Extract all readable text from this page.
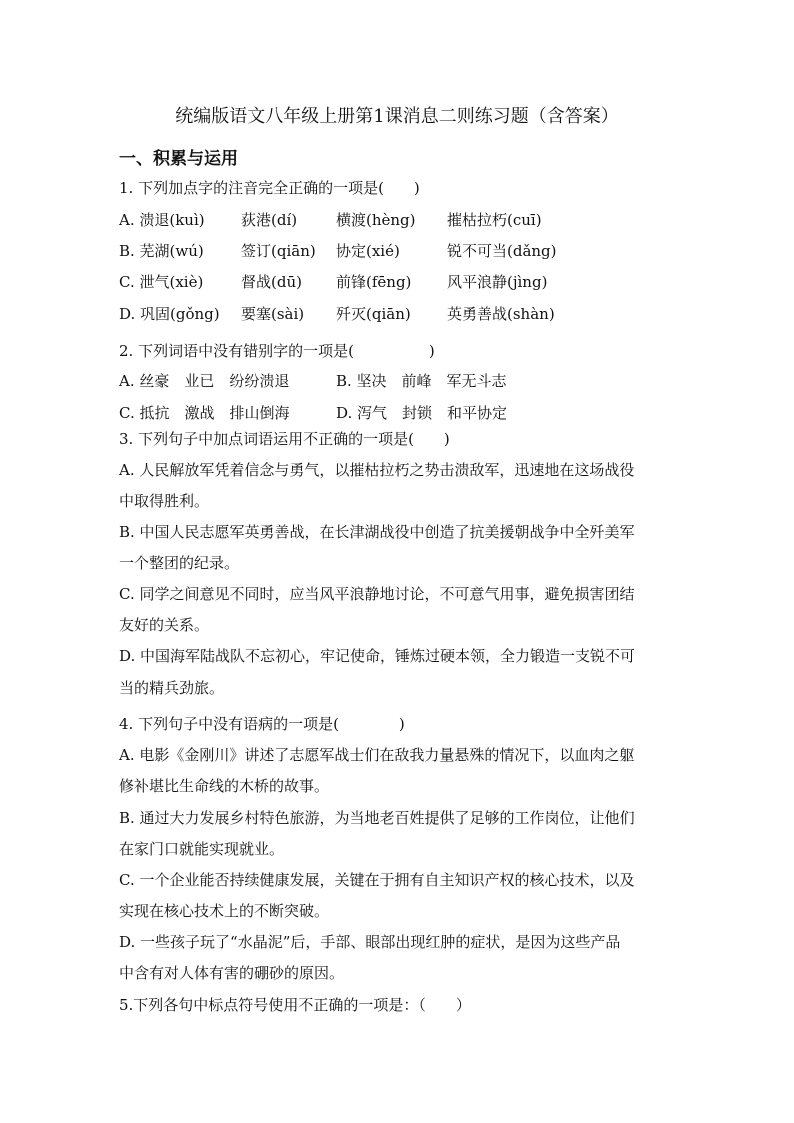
统编版语文八年级上册第1课消息二则练习题（含答案）
一、积累与运用
1. 下列加点字的注音完全正确的一项是(　　)
A. 溃退(kuì) 荻港(dí)	横渡(hèng) 摧枯拉朽(cuī)
B. 芜湖(wú) 签订(qiān) 协定(xié)	锐不可当(dǎng)
C. 泄气(xiè)	督战(dū) 前锋(fēng) 风平浪静(jìng)
D. 巩固(gǒng) 要塞(sài) 歼灭(qiān) 英勇善战(shàn)
2. 下列词语中没有错别字的一项是(　　　　　)
A. 丝豪　业已　纷纷溃退	B. 坚决　前峰　军无斗志
C. 抵抗　激战　排山倒海	D. 泻气　封锁　和平协定
3. 下列句子中加点词语运用不正确的一项是(　　)
A. 人民解放军凭着信念与勇气，以摧枯拉朽之势击溃敌军，迅速地在这场战役
中取得胜利。
B. 中国人民志愿军英勇善战，在长津湖战役中创造了抗美援朝战争中全歼美军
一个整团的纪录。
C. 同学之间意见不同时，应当风平浪静地讨论，不可意气用事，避免损害团结
友好的关系。
D. 中国海军陆战队不忘初心，牢记使命，锤炼过硬本领，全力锻造一支锐不可
当的精兵劲旅。
4. 下列句子中没有语病的一项是(　　　　)
A. 电影《金刚川》讲述了志愿军战士们在敌我力量悬殊的情况下，以血肉之躯
修补堪比生命线的木桥的故事。
B. 通过大力发展乡村特色旅游，为当地老百姓提供了足够的工作岗位，让他们
在家门口就能实现就业。
C. 一个企业能否持续健康发展，关键在于拥有自主知识产权的核心技术，以及
实现在核心技术上的不断突破。
D. 一些孩子玩了“水晶泥”后，手部、眼部出现红肿的症状，是因为这些产品
中含有对人体有害的硼砂的原因。
5.下列各句中标点符号使用不正确的一项是：（　　）
